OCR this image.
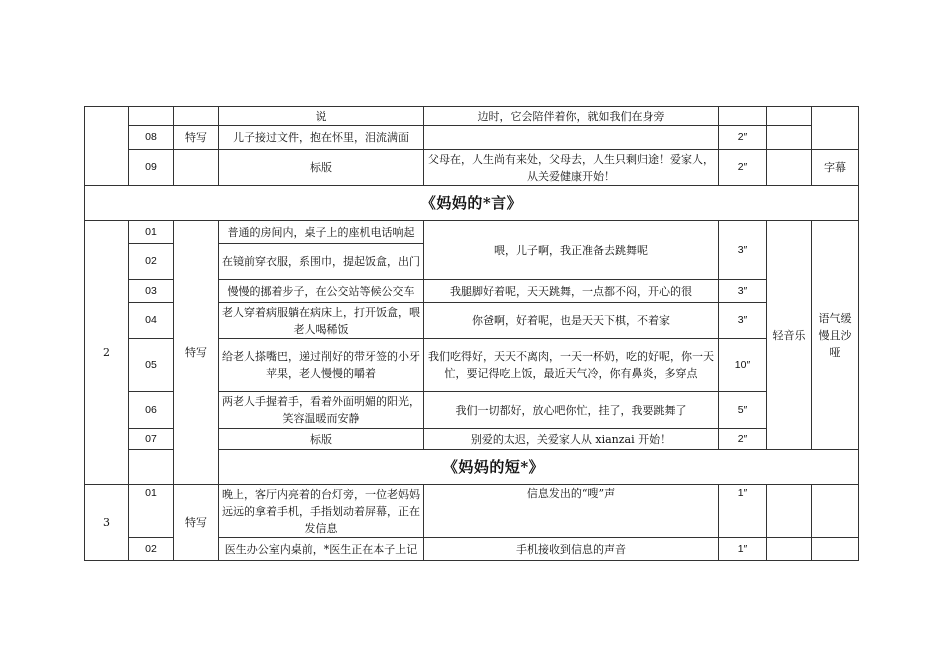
			说	边时，它会陪伴着你，就如我们在身旁			
	08	特写	儿子接过文件，抱在怀里，泪流满面		2″		
	09		标版	父母在，人生尚有来处，父母去，人生只剩归途！爱家人，从关爱健康开始！	2″		字幕
《妈妈的*言》							
2	01	特写	普通的房间内，桌子上的座机电话响起	喂，儿子啊，我正准备去跳舞呢	3″	轻音乐	语气缓慢且沙哑
	02		在镜前穿衣服，系围巾，提起饭盒，出门				
	03		慢慢的挪着步子，在公交站等候公交车	我腿脚好着呢，天天跳舞，一点都不闷，开心的很	3″		
	04		老人穿着病服躺在病床上，打开饭盒，喂老人喝稀饭	你爸啊，好着呢，也是天天下棋，不着家	3″		
	05		给老人搽嘴巴，递过削好的带牙签的小牙苹果，老人慢慢的嚼着	我们吃得好，天天不离肉，一天一杯奶，吃的好呢，你一天忙，要记得吃上饭，最近天气冷，你有鼻炎，多穿点	10″		
	06		两老人手握着手，看着外面明媚的阳光，笑容温暖而安静	我们一切都好，放心吧你忙，挂了，我要跳舞了	5″		
	07		标版	别爱的太迟，关爱家人从 xianzai 开始！	2″		
	《妈妈的短*》						
3	01	特写	晚上，客厅内亮着的台灯旁，一位老妈妈远远的拿着手机，手指划动着屏幕，正在发信息	信息发出的“嗖”声	1″		
	02		医生办公室内桌前，*医生正在本子上记	手机接收到信息的声音	1″		
